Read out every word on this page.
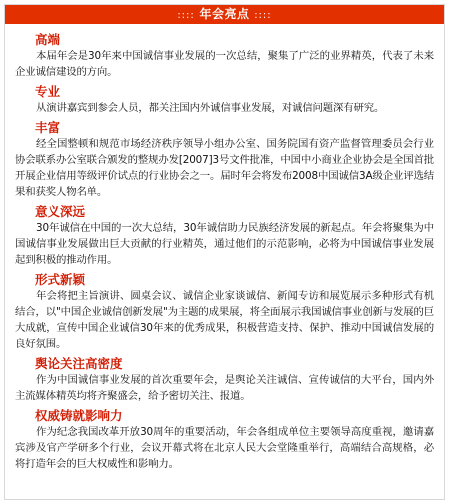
:::: 年会亮点 ::::
高端

本届年会是30年来中国诚信事业发展的一次总结，聚集了广泛的业界精英，代表了未来企业诚信建设的方向。

专业

从演讲嘉宾到参会人员，都关注国内外诚信事业发展，对诚信问题深有研究。

丰富

经全国整顿和规范市场经济秩序领导小组办公室、国务院国有资产监督管理委员会行业协会联系办公室联合颁发的整规办发[2007]3号文件批准，中国中小商业企业协会是全国首批开展企业信用等级评价试点的行业协会之一。届时年会将发布2008中国诚信3A级企业评选结果和获奖人物名单。

意义深远

30年诚信在中国的一次大总结，30年诚信助力民族经济发展的新起点。年会将聚集为中国诚信事业发展做出巨大贡献的行业精英，通过他们的示范影响，必将为中国诚信事业发展起到积极的推动作用。

形式新颖

年会将把主旨演讲、圆桌会议、诚信企业家谈诚信、新闻专访和展览展示多种形式有机结合，以"中国企业诚信创新发展"为主题的成果展，将全面展示我国诚信事业创新与发展的巨大成就，宣传中国企业诚信30年来的优秀成果，积极营造支持、保护、推动中国诚信发展的良好氛围。

舆论关注高密度

作为中国诚信事业发展的首次重要年会，是舆论关注诚信、宣传诚信的大平台，国内外主流媒体精英均将齐聚盛会，给予密切关注、报道。

权威铸就影响力

作为纪念我国改革开放30周年的重要活动，年会各组成单位主要领导高度重视，邀请嘉宾涉及官产学研多个行业，会议开幕式将在北京人民大会堂隆重举行，高端结合高规格，必将打造年会的巨大权威性和影响力。
